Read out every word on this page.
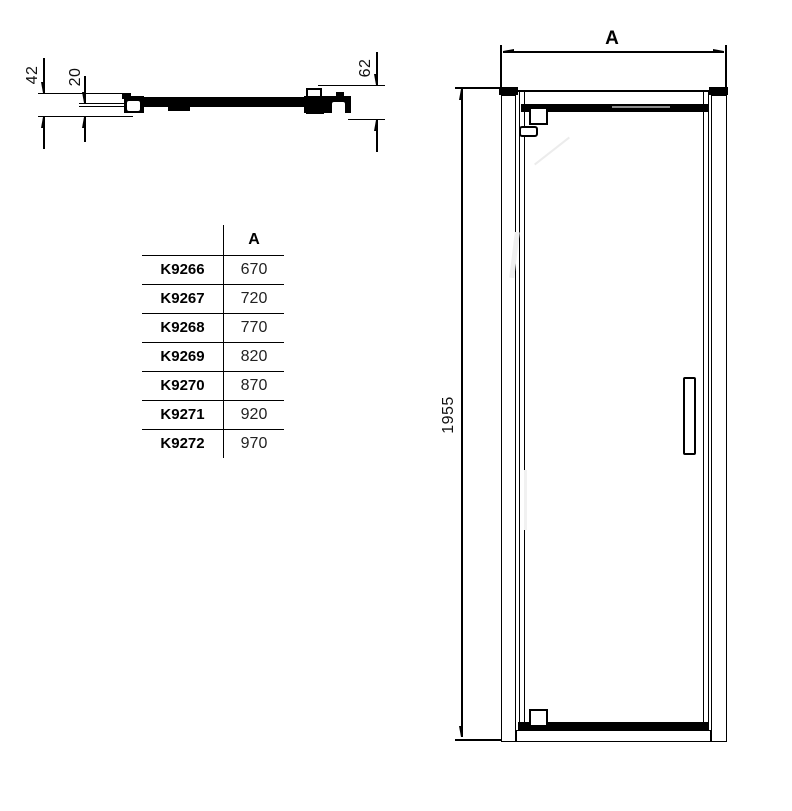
42	20	62
	A
K9266	670
K9267	720
K9268	770
K9269	820
K9270	870
K9271	920
K9272	970
A
1955
